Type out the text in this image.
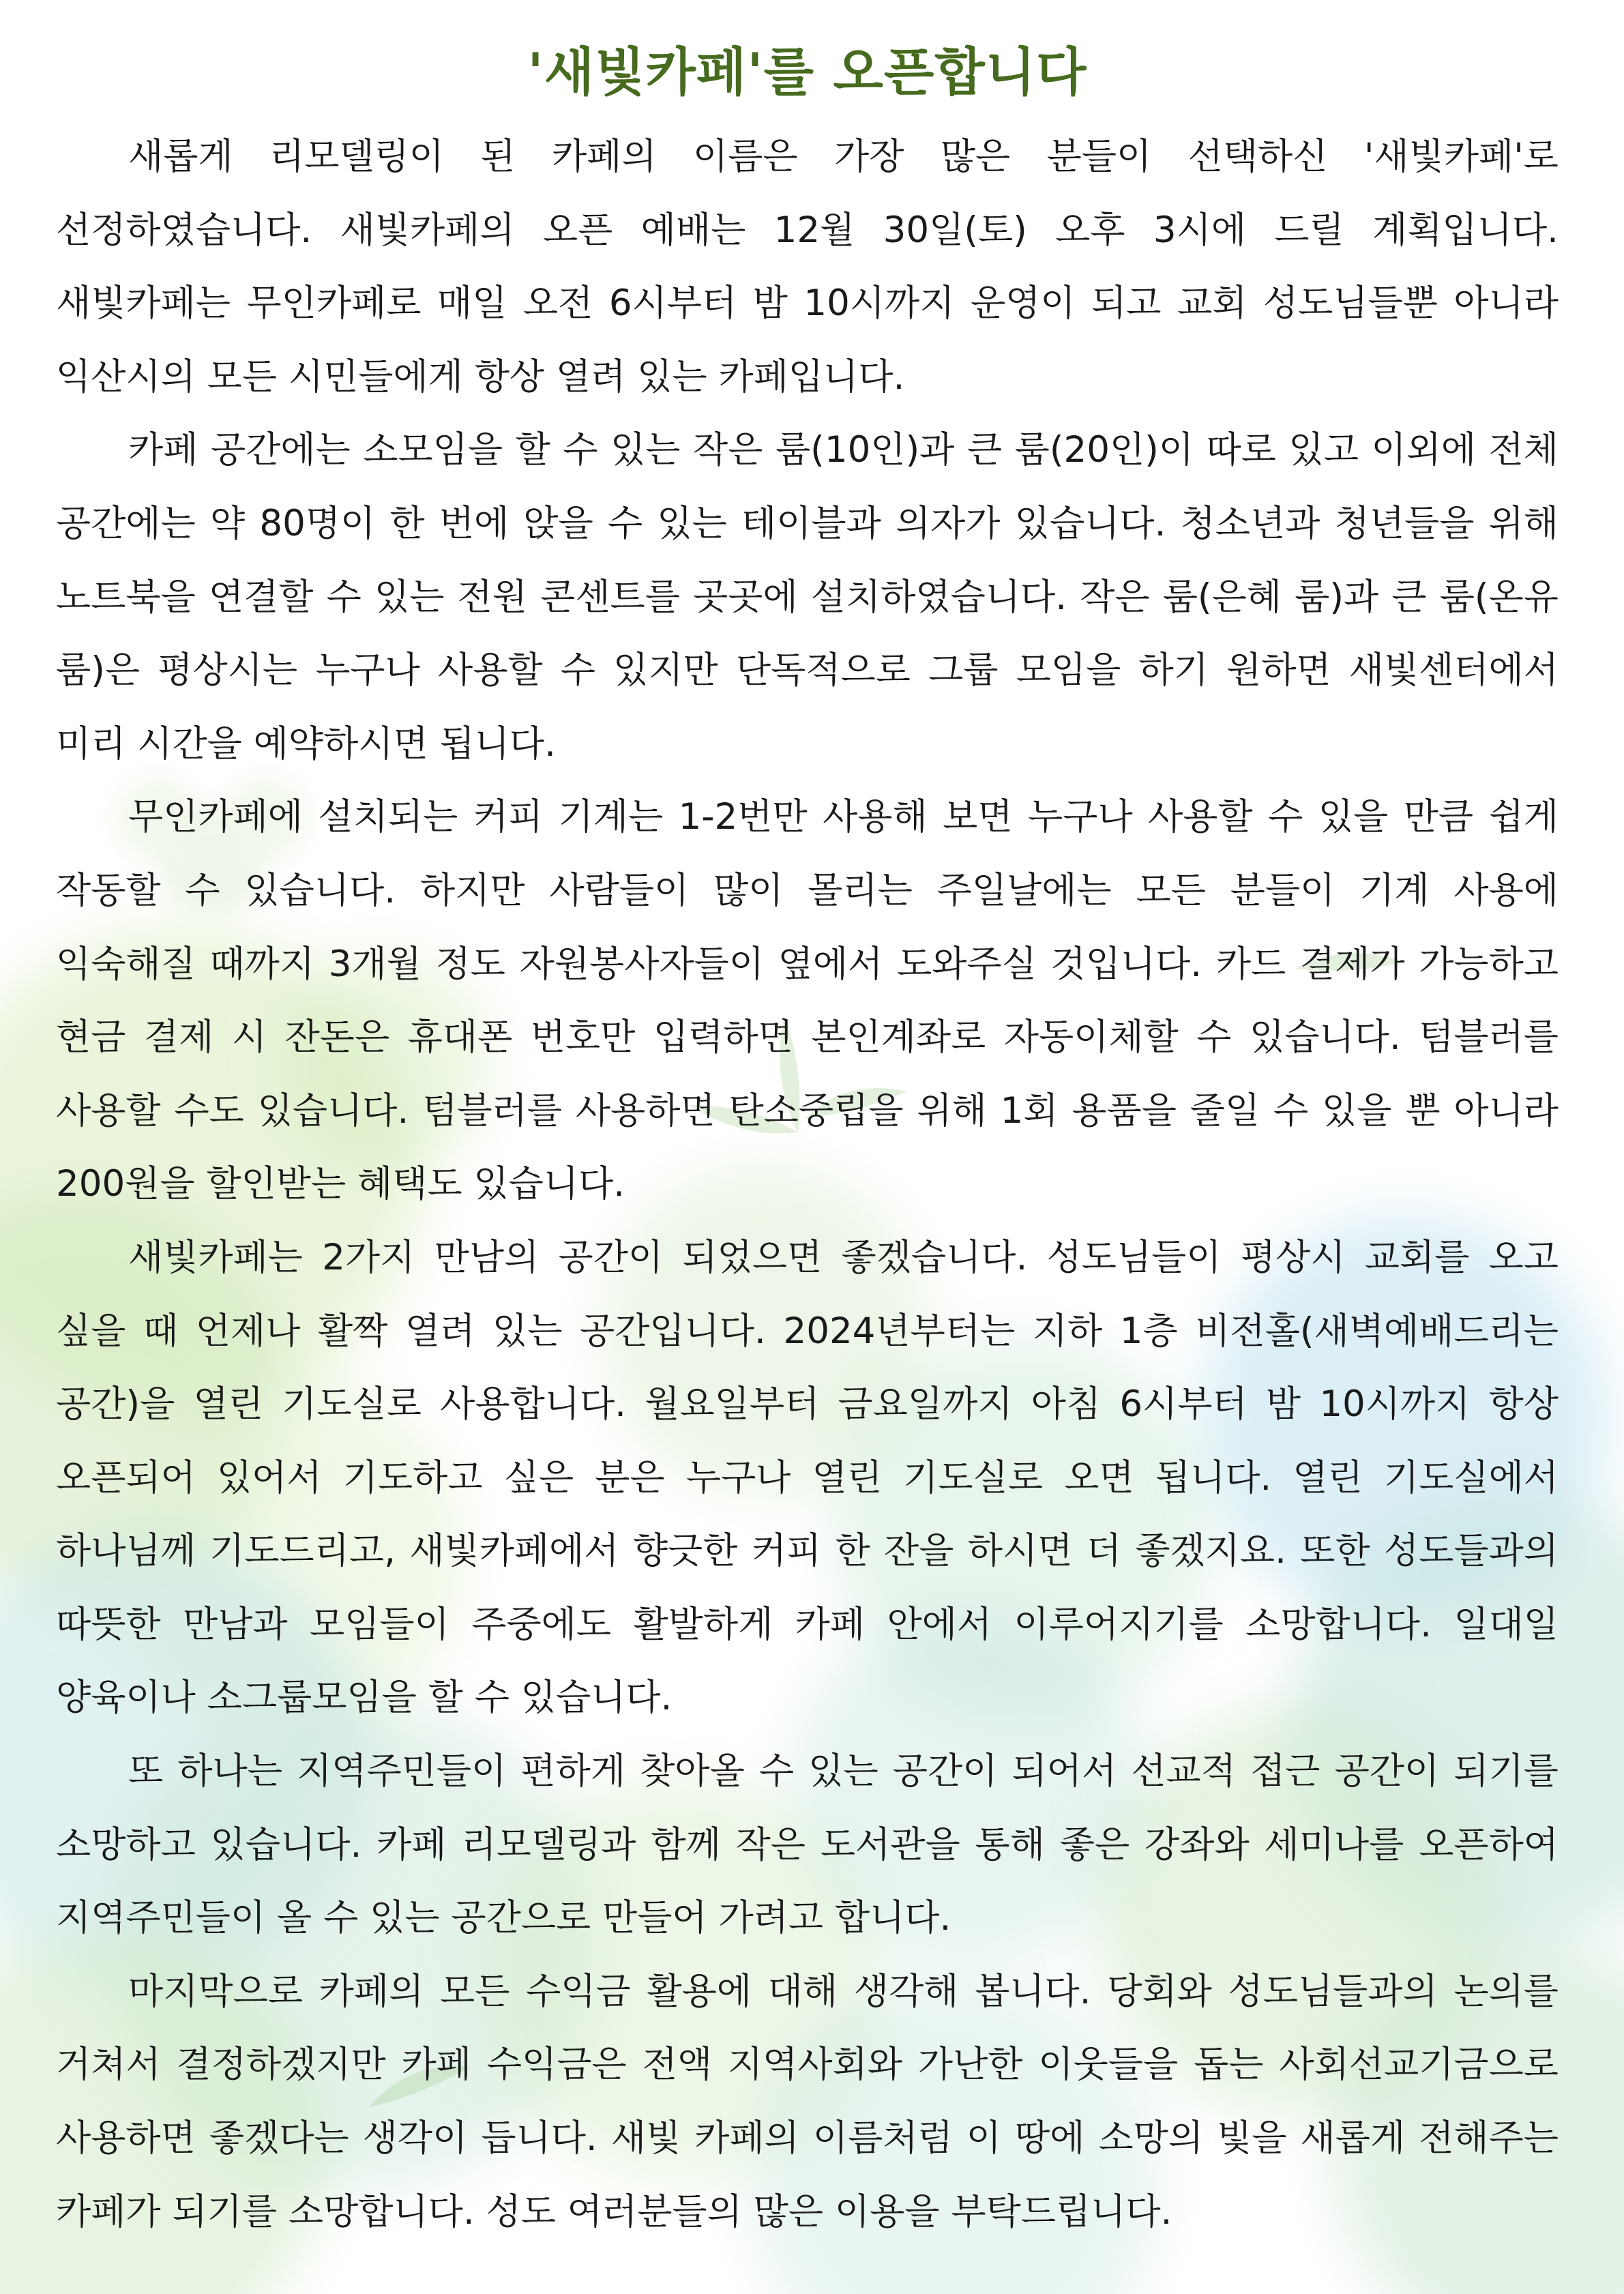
'새빛카페'를 오픈합니다

새롭게 리모델링이 된 카페의 이름은 가장 많은 분들이 선택하신 '새빛카페'로 선정하였습니다. 새빛카페의 오픈 예배는 12월 30일(토) 오후 3시에 드릴 계획입니다. 새빛카페는 무인카페로 매일 오전 6시부터 밤 10시까지 운영이 되고 교회 성도님들뿐 아니라 익산시의 모든 시민들에게 항상 열려 있는 카페입니다.

카페 공간에는 소모임을 할 수 있는 작은 룸(10인)과 큰 룸(20인)이 따로 있고 이외에 전체 공간에는 약 80명이 한 번에 앉을 수 있는 테이블과 의자가 있습니다. 청소년과 청년들을 위해 노트북을 연결할 수 있는 전원 콘센트를 곳곳에 설치하였습니다. 작은 룸(은혜 룸)과 큰 룸(온유 룸)은 평상시는 누구나 사용할 수 있지만 단독적으로 그룹 모임을 하기 원하면 새빛센터에서 미리 시간을 예약하시면 됩니다.

무인카페에 설치되는 커피 기계는 1-2번만 사용해 보면 누구나 사용할 수 있을 만큼 쉽게 작동할 수 있습니다. 하지만 사람들이 많이 몰리는 주일날에는 모든 분들이 기계 사용에 익숙해질 때까지 3개월 정도 자원봉사자들이 옆에서 도와주실 것입니다. 카드 결제가 가능하고 현금 결제 시 잔돈은 휴대폰 번호만 입력하면 본인계좌로 자동이체할 수 있습니다. 텀블러를 사용할 수도 있습니다. 텀블러를 사용하면 탄소중립을 위해 1회 용품을 줄일 수 있을 뿐 아니라 200원을 할인받는 혜택도 있습니다.

새빛카페는 2가지 만남의 공간이 되었으면 좋겠습니다. 성도님들이 평상시 교회를 오고 싶을 때 언제나 활짝 열려 있는 공간입니다. 2024년부터는 지하 1층 비전홀(새벽예배드리는 공간)을 열린 기도실로 사용합니다. 월요일부터 금요일까지 아침 6시부터 밤 10시까지 항상 오픈되어 있어서 기도하고 싶은 분은 누구나 열린 기도실로 오면 됩니다. 열린 기도실에서 하나님께 기도드리고, 새빛카페에서 향긋한 커피 한 잔을 하시면 더 좋겠지요. 또한 성도들과의 따뜻한 만남과 모임들이 주중에도 활발하게 카페 안에서 이루어지기를 소망합니다. 일대일 양육이나 소그룹모임을 할 수 있습니다.

또 하나는 지역주민들이 편하게 찾아올 수 있는 공간이 되어서 선교적 접근 공간이 되기를 소망하고 있습니다. 카페 리모델링과 함께 작은 도서관을 통해 좋은 강좌와 세미나를 오픈하여 지역주민들이 올 수 있는 공간으로 만들어 가려고 합니다.

마지막으로 카페의 모든 수익금 활용에 대해 생각해 봅니다. 당회와 성도님들과의 논의를 거쳐서 결정하겠지만 카페 수익금은 전액 지역사회와 가난한 이웃들을 돕는 사회선교기금으로 사용하면 좋겠다는 생각이 듭니다. 새빛 카페의 이름처럼 이 땅에 소망의 빛을 새롭게 전해주는 카페가 되기를 소망합니다. 성도 여러분들의 많은 이용을 부탁드립니다.
